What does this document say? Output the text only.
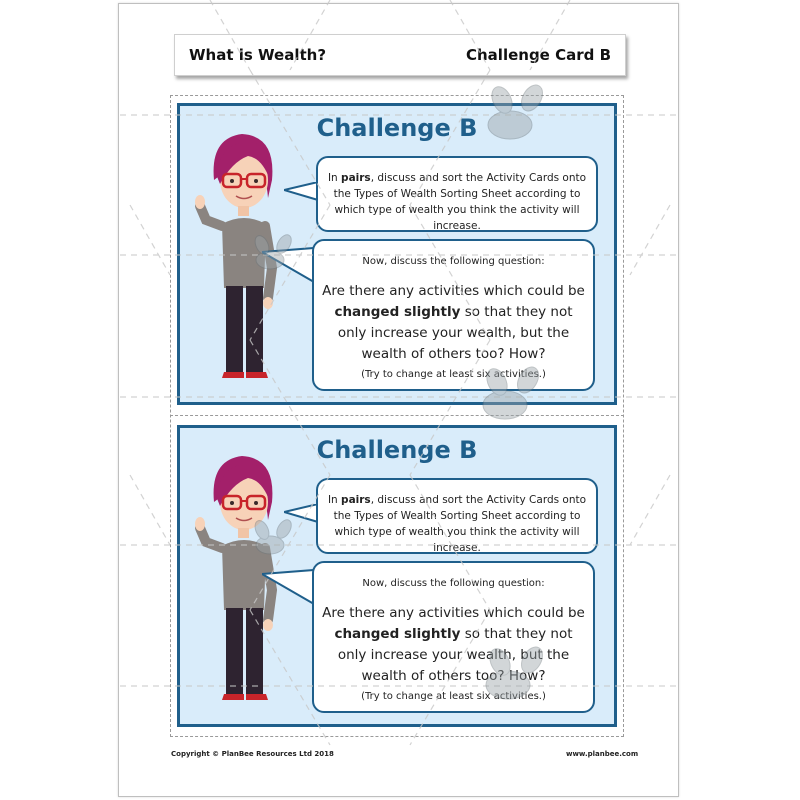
What is Wealth?	Challenge Card B
Challenge B
In pairs, discuss and sort the Activity Cards onto the Types of Wealth Sorting Sheet according to which type of wealth you think the activity will increase.
Now, discuss the following question:
Are there any activities which could be changed slightly so that they not only increase your wealth, but the wealth of others too? How?
(Try to change at least six activities.)
Challenge B
In pairs, discuss and sort the Activity Cards onto the Types of Wealth Sorting Sheet according to which type of wealth you think the activity will increase.
Now, discuss the following question:
Are there any activities which could be changed slightly so that they not only increase your wealth, but the wealth of others too? How?
(Try to change at least six activities.)
Copyright © PlanBee Resources Ltd 2018	www.planbee.com
